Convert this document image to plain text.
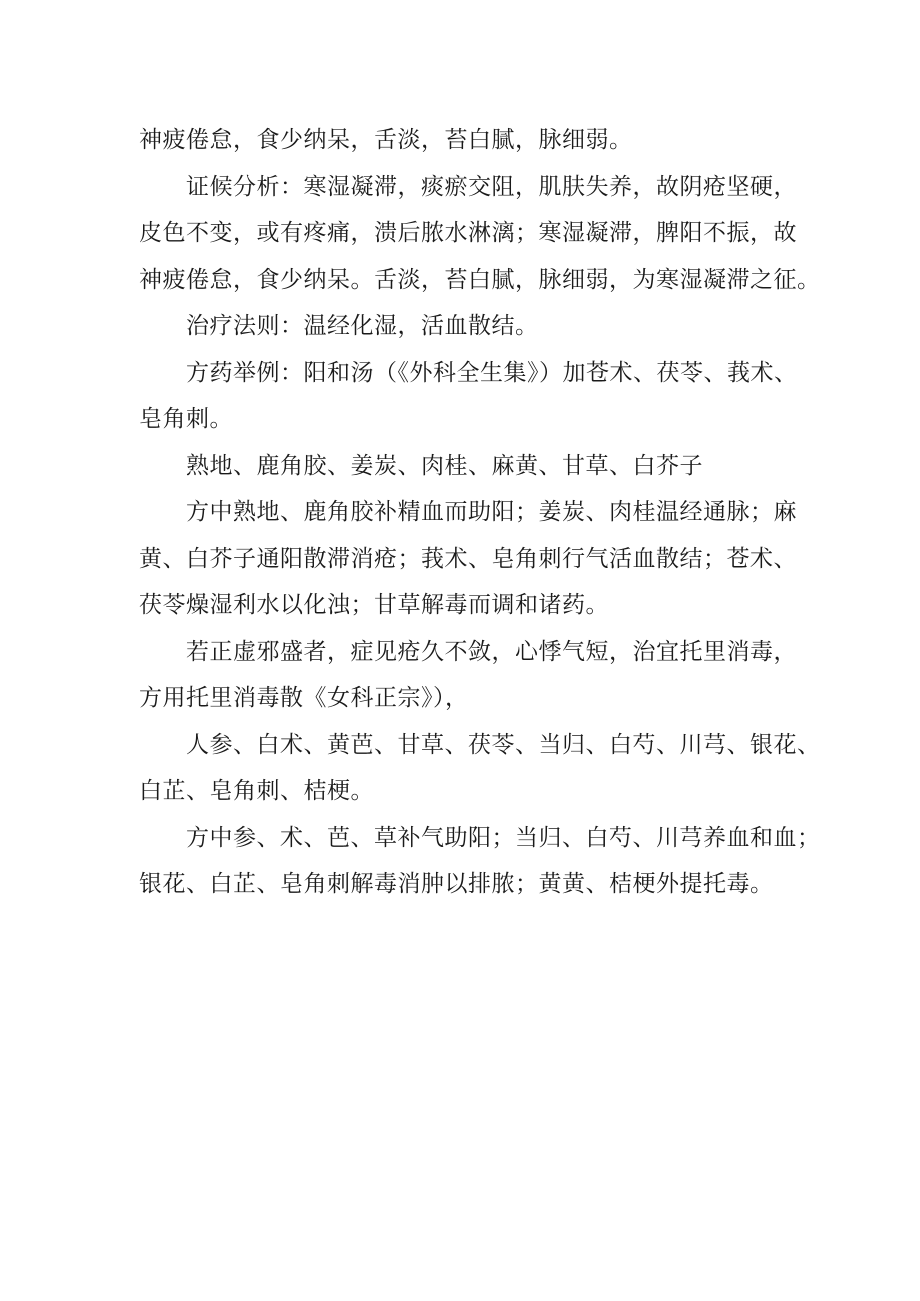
神疲倦怠，食少纳呆，舌淡，苔白腻，脉细弱。
证候分析：寒湿凝滞，痰瘀交阻，肌肤失养，故阴疮坚硬，
皮色不变，或有疼痛，溃后脓水淋漓；寒湿凝滞，脾阳不振，故
神疲倦怠，食少纳呆。舌淡，苔白腻，脉细弱，为寒湿凝滞之征。
治疗法则：温经化湿，活血散结。
方药举例：阳和汤（《外科全生集》）加苍术、茯苓、莪术、
皂角刺。
熟地、鹿角胶、姜炭、肉桂、麻黄、甘草、白芥子
方中熟地、鹿角胶补精血而助阳；姜炭、肉桂温经通脉；麻
黄、白芥子通阳散滞消疮；莪术、皂角刺行气活血散结；苍术、
茯苓燥湿利水以化浊；甘草解毒而调和诸药。
若正虚邪盛者，症见疮久不敛，心悸气短，治宜托里消毒，
方用托里消毒散《女科正宗》），
人参、白术、黄芭、甘草、茯苓、当归、白芍、川芎、银花、
白芷、皂角刺、桔梗。
方中参、术、芭、草补气助阳；当归、白芍、川芎养血和血；
银花、白芷、皂角刺解毒消肿以排脓；黄黄、桔梗外提托毒。
